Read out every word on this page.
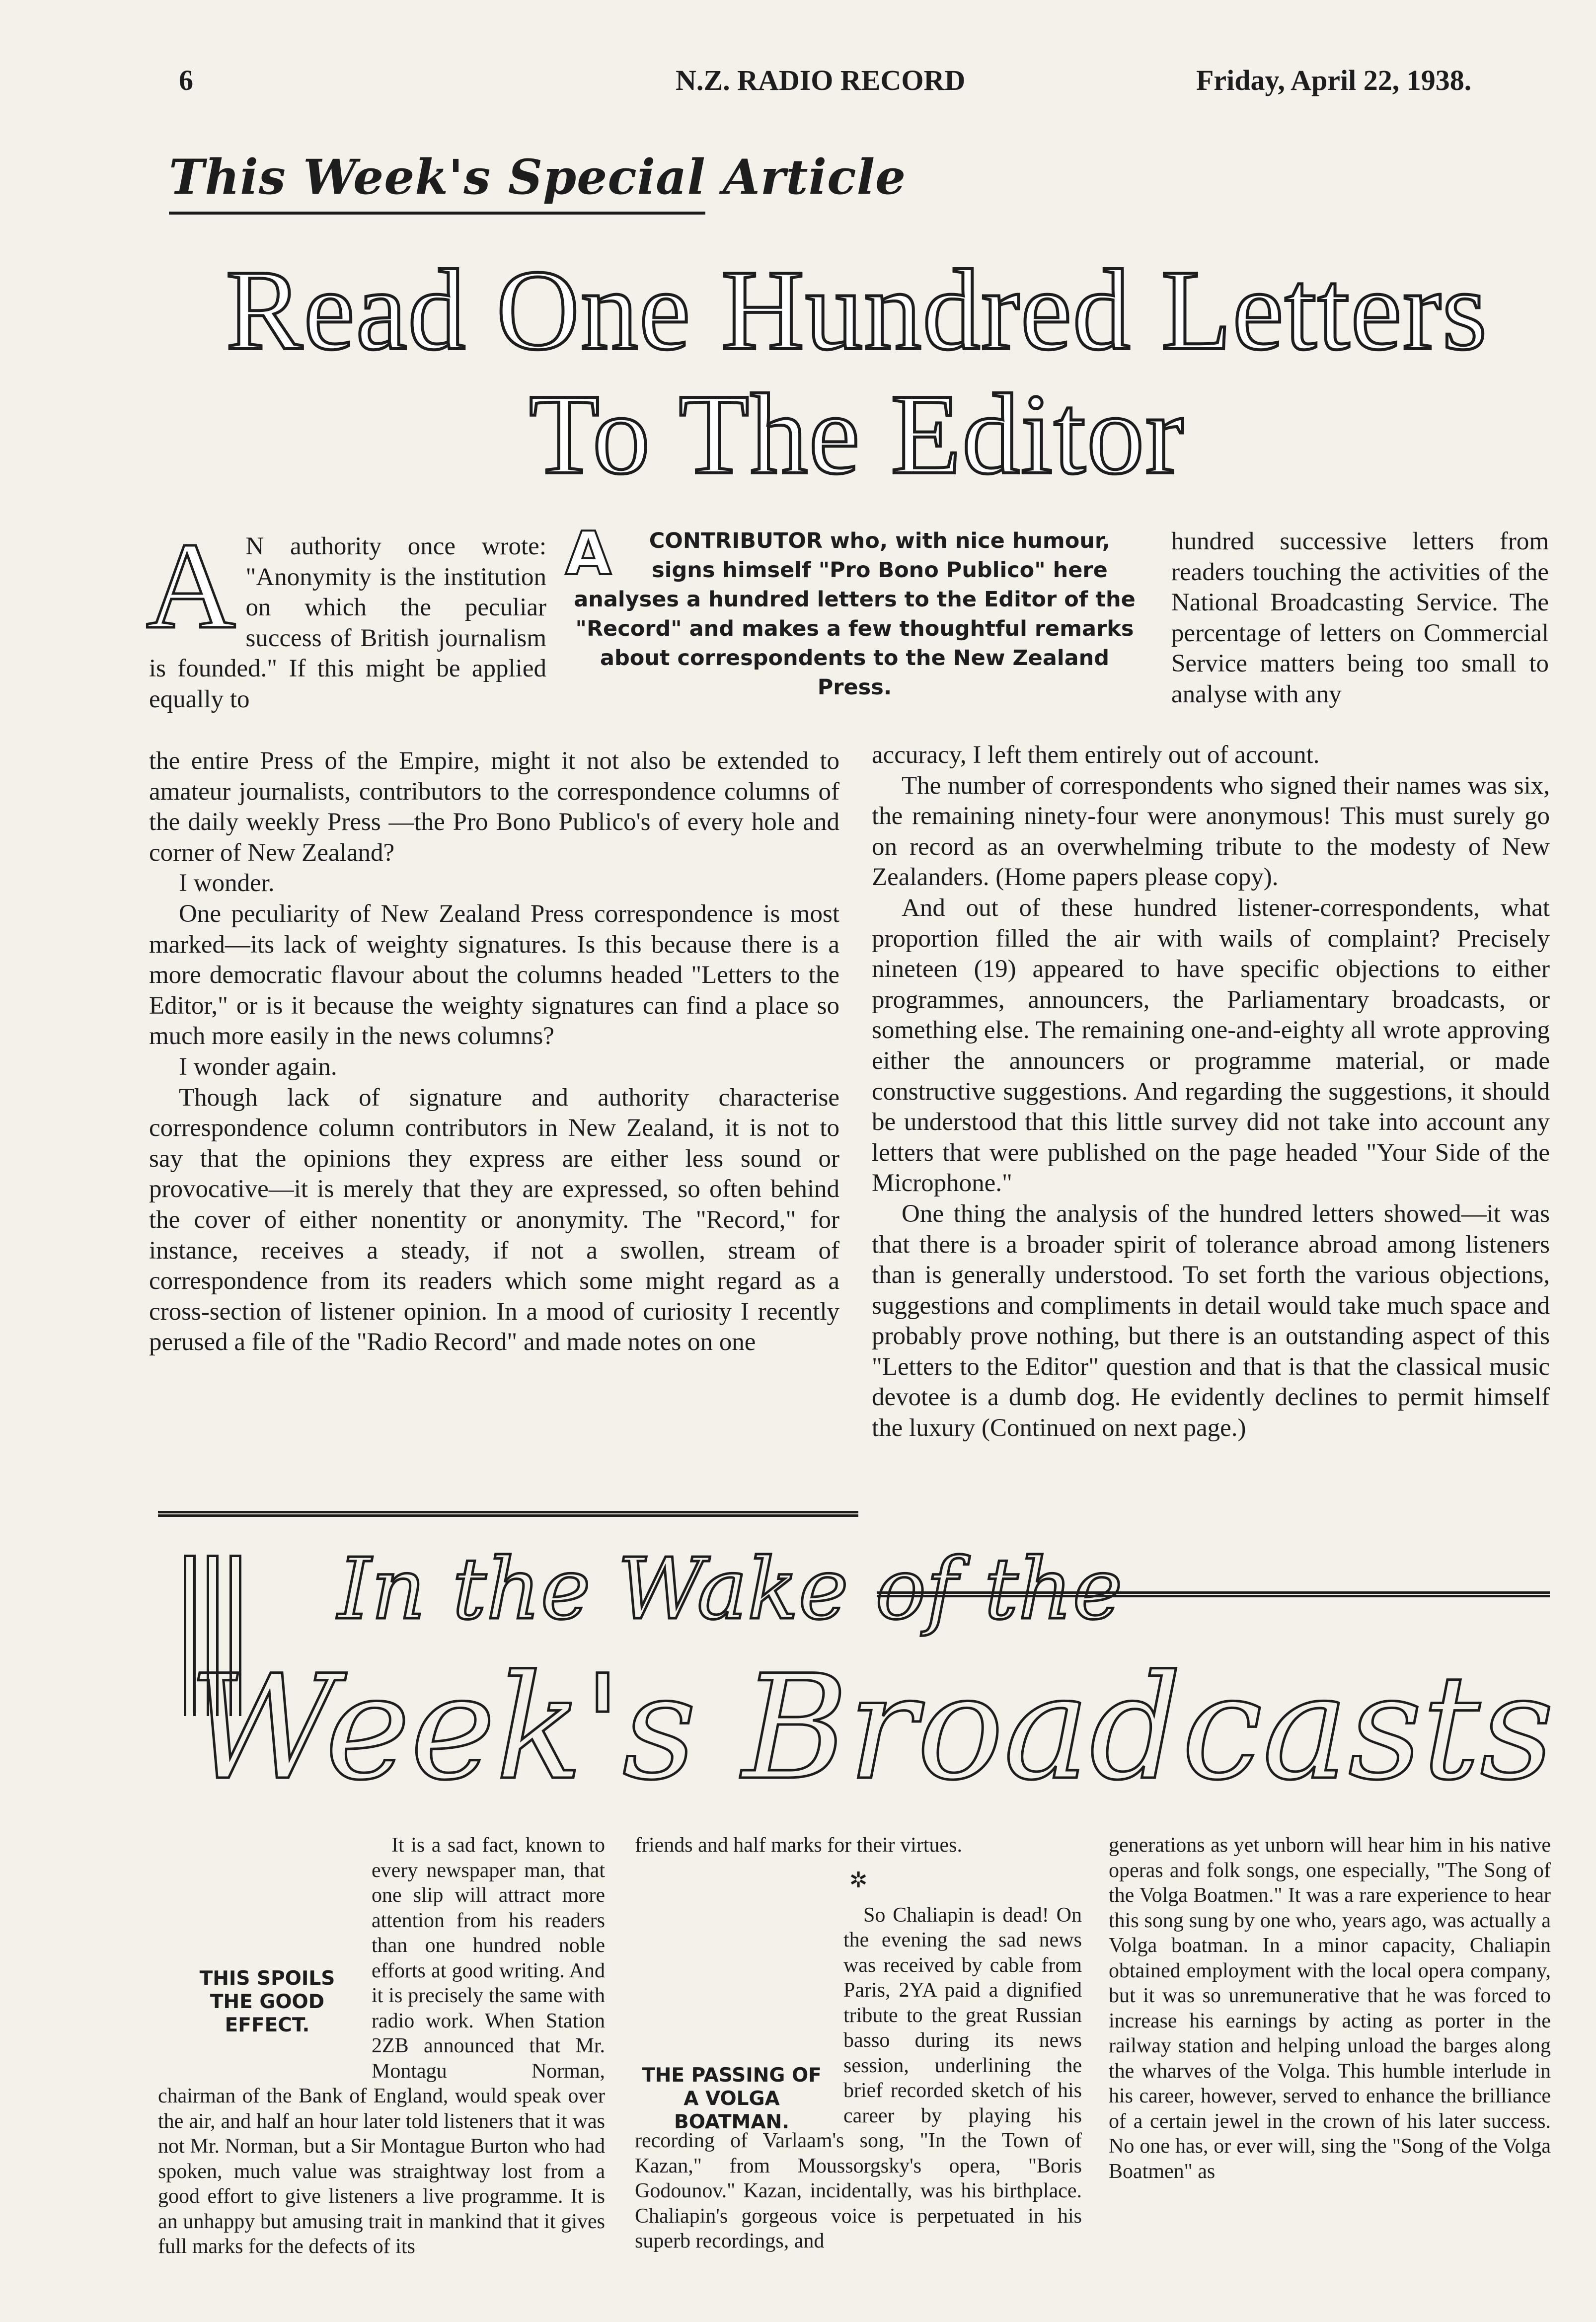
6	N.Z. RADIO RECORD	Friday, April 22, 1938.
This Week's Special Article
Read One Hundred Letters
To The Editor
A N authority once wrote: "Anonymity is the institution on which the peculiar success of British journalism is founded." If this might be applied equally to

the entire Press of the Empire, might it not also be extended to amateur journalists, contributors to the correspondence columns of the daily weekly Press —the Pro Bono Publico's of every hole and corner of New Zealand?

I wonder.

One peculiarity of New Zealand Press correspondence is most marked—its lack of weighty signatures. Is this because there is a more democratic flavour about the columns headed "Letters to the Editor," or is it because the weighty signatures can find a place so much more easily in the news columns?

I wonder again.

Though lack of signature and authority characterise correspondence column contributors in New Zealand, it is not to say that the opinions they express are either less sound or provocative—it is merely that they are expressed, so often behind the cover of either nonentity or anonymity. The "Record," for instance, receives a steady, if not a swollen, stream of correspondence from its readers which some might regard as a cross-section of listener opinion. In a mood of curiosity I recently perused a file of the "Radio Record" and made notes on one

A CONTRIBUTOR who, with nice humour, signs himself "Pro Bono Publico" here analyses a hundred letters to the Editor of the "Record" and makes a few thoughtful remarks about correspondents to the New Zealand Press.
hundred successive letters from readers touching the activities of the National Broadcasting Service. The percentage of letters on Commercial Service matters being too small to analyse with any

accuracy, I left them entirely out of account.

The number of correspondents who signed their names was six, the remaining ninety-four were anonymous! This must surely go on record as an overwhelming tribute to the modesty of New Zealanders. (Home papers please copy).

And out of these hundred listener-correspondents, what proportion filled the air with wails of complaint? Precisely nineteen (19) appeared to have specific objections to either programmes, announcers, the Parliamentary broadcasts, or something else. The remaining one-and-eighty all wrote approving either the announcers or programme material, or made constructive suggestions. And regarding the suggestions, it should be understood that this little survey did not take into account any letters that were published on the page headed "Your Side of the Microphone."

One thing the analysis of the hundred letters showed—it was that there is a broader spirit of tolerance abroad among listeners than is generally understood. To set forth the various objections, suggestions and compliments in detail would take much space and probably prove nothing, but there is an outstanding aspect of this "Letters to the Editor" question and that is that the classical music devotee is a dumb dog. He evidently declines to permit himself the luxury (Continued on next page.)

In the Wake of the
Week's Broadcasts
THIS SPOILS THE GOOD EFFECT.

It is a sad fact, known to every newspaper man, that one slip will attract more attention from his readers than one hundred noble efforts at good writing. And it is precisely the same with radio work. When Station 2ZB announced that Mr. Montagu Norman, chairman of the Bank of England, would speak over the air, and half an hour later told listeners that it was not Mr. Norman, but a Sir Montague Burton who had spoken, much value was straightway lost from a good effort to give listeners a live programme. It is an unhappy but amusing trait in mankind that it gives full marks for the defects of its

friends and half marks for their virtues.

✲
THE PASSING OF A VOLGA BOATMAN.

So Chaliapin is dead! On the evening the sad news was received by cable from Paris, 2YA paid a dignified tribute to the great Russian basso during its news session, underlining the brief recorded sketch of his career by playing his recording of Varlaam's song, "In the Town of Kazan," from Moussorgsky's opera, "Boris Godounov." Kazan, incidentally, was his birthplace. Chaliapin's gorgeous voice is perpetuated in his superb recordings, and

generations as yet unborn will hear him in his native operas and folk songs, one especially, "The Song of the Volga Boatmen." It was a rare experience to hear this song sung by one who, years ago, was actually a Volga boatman. In a minor capacity, Chaliapin obtained employment with the local opera company, but it was so unremunerative that he was forced to increase his earnings by acting as porter in the railway station and helping unload the barges along the wharves of the Volga. This humble interlude in his career, however, served to enhance the brilliance of a certain jewel in the crown of his later success. No one has, or ever will, sing the "Song of the Volga Boatmen" as
